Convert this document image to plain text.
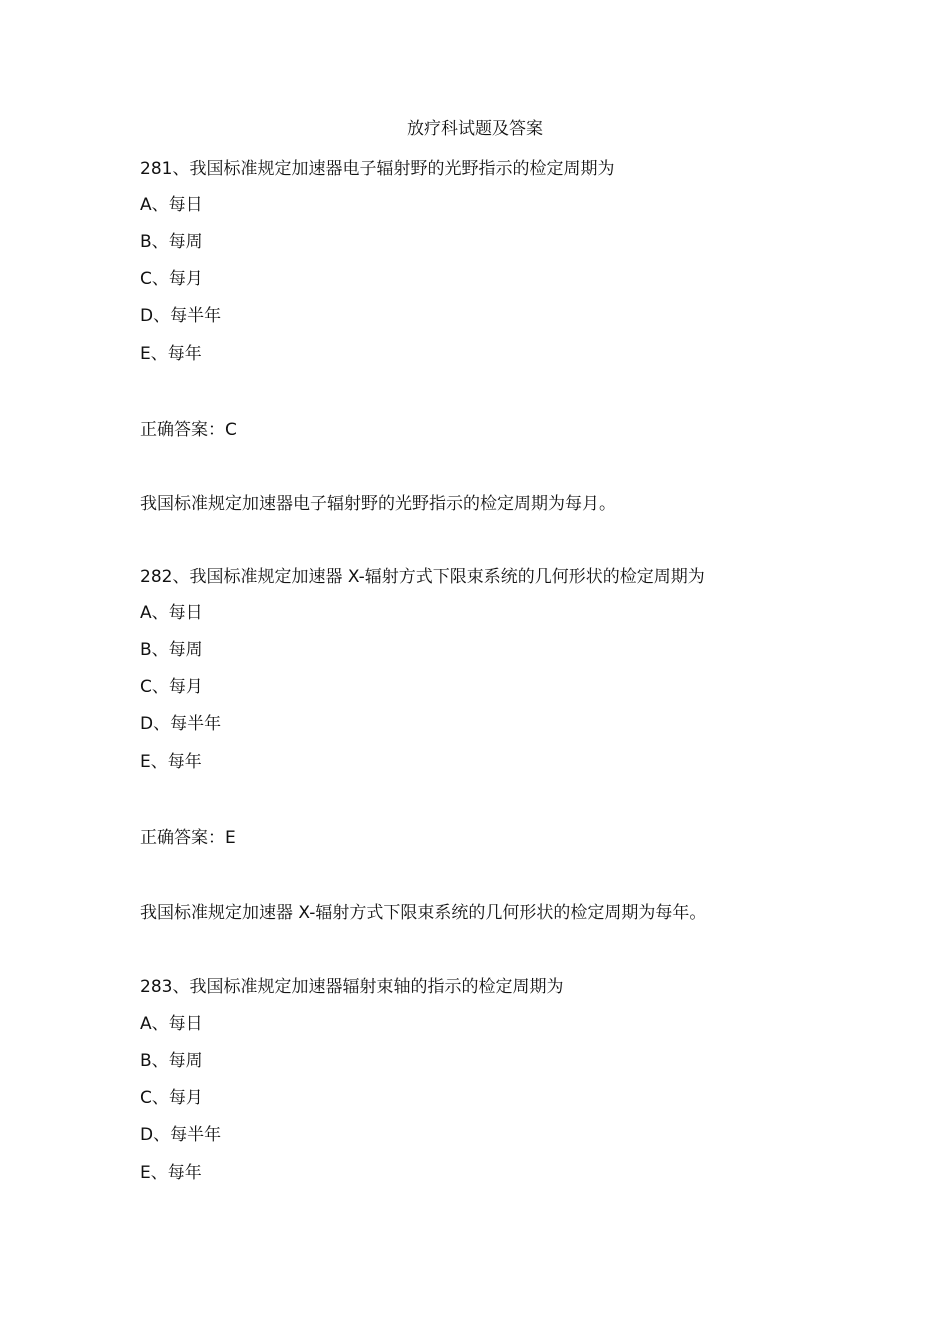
放疗科试题及答案
281、我国标准规定加速器电子辐射野的光野指示的检定周期为
A、每日
B、每周
C、每月
D、每半年
E、每年
正确答案：C
我国标准规定加速器电子辐射野的光野指示的检定周期为每月。
282、我国标准规定加速器 X-辐射方式下限束系统的几何形状的检定周期为
A、每日
B、每周
C、每月
D、每半年
E、每年
正确答案：E
我国标准规定加速器 X-辐射方式下限束系统的几何形状的检定周期为每年。
283、我国标准规定加速器辐射束轴的指示的检定周期为
A、每日
B、每周
C、每月
D、每半年
E、每年
